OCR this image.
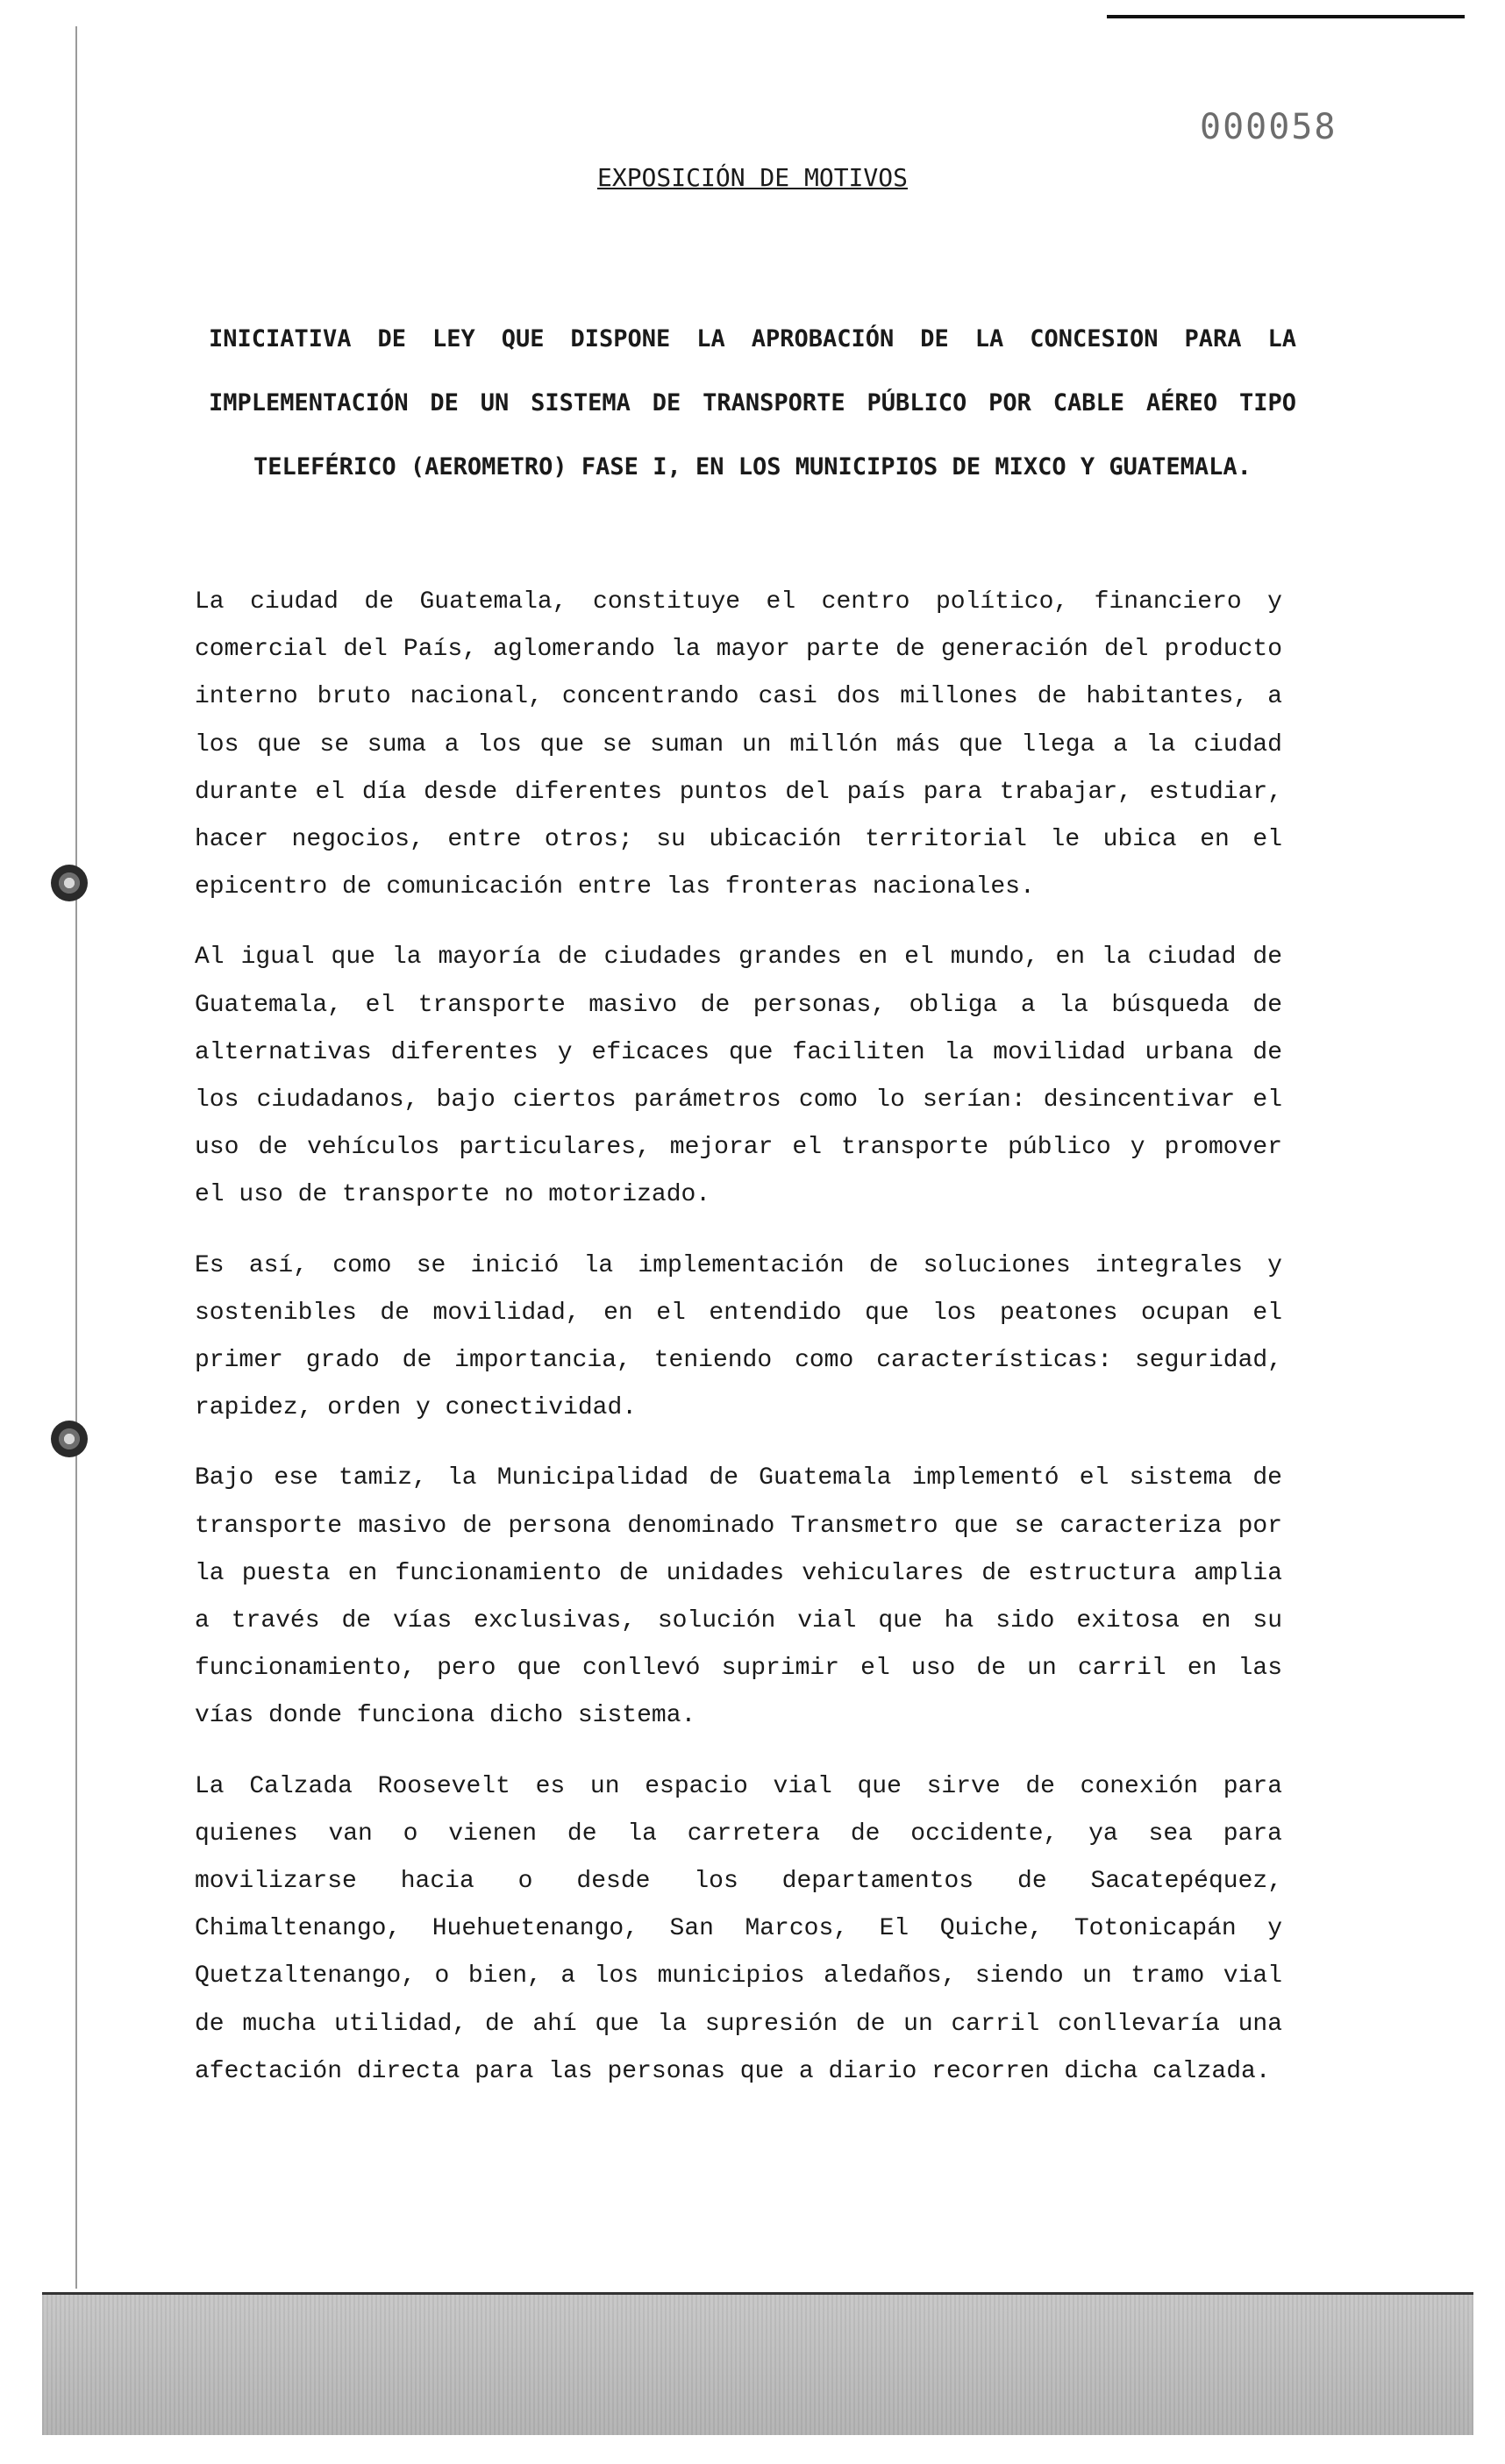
000058
EXPOSICIÓN DE MOTIVOS
INICIATIVA DE LEY QUE DISPONE LA APROBACIÓN DE LA CONCESION PARA LA IMPLEMENTACIÓN DE UN SISTEMA DE TRANSPORTE PÚBLICO POR CABLE AÉREO TIPO TELEFÉRICO (AEROMETRO) FASE I, EN LOS MUNICIPIOS DE MIXCO Y GUATEMALA.

La ciudad de Guatemala, constituye el centro político, financiero y comercial del País, aglomerando la mayor parte de generación del producto interno bruto nacional, concentrando casi dos millones de habitantes, a los que se suma a los que se suman un millón más que llega a la ciudad durante el día desde diferentes puntos del país para trabajar, estudiar, hacer negocios, entre otros; su ubicación territorial le ubica en el epicentro de comunicación entre las fronteras nacionales.

Al igual que la mayoría de ciudades grandes en el mundo, en la ciudad de Guatemala, el transporte masivo de personas, obliga a la búsqueda de alternativas diferentes y eficaces que faciliten la movilidad urbana de los ciudadanos, bajo ciertos parámetros como lo serían: desincentivar el uso de vehículos particulares, mejorar el transporte público y promover el uso de transporte no motorizado.

Es así, como se inició la implementación de soluciones integrales y sostenibles de movilidad, en el entendido que los peatones ocupan el primer grado de importancia, teniendo como características: seguridad, rapidez, orden y conectividad.

Bajo ese tamiz, la Municipalidad de Guatemala implementó el sistema de transporte masivo de persona denominado Transmetro que se caracteriza por la puesta en funcionamiento de unidades vehiculares de estructura amplia a través de vías exclusivas, solución vial que ha sido exitosa en su funcionamiento, pero que conllevó suprimir el uso de un carril en las vías donde funciona dicho sistema.

La Calzada Roosevelt es un espacio vial que sirve de conexión para quienes van o vienen de la carretera de occidente, ya sea para movilizarse hacia o desde los departamentos de Sacatepéquez, Chimaltenango, Huehuetenango, San Marcos, El Quiche, Totonicapán y Quetzaltenango, o bien, a los municipios aledaños, siendo un tramo vial de mucha utilidad, de ahí que la supresión de un carril conllevaría una afectación directa para las personas que a diario recorren dicha calzada.
